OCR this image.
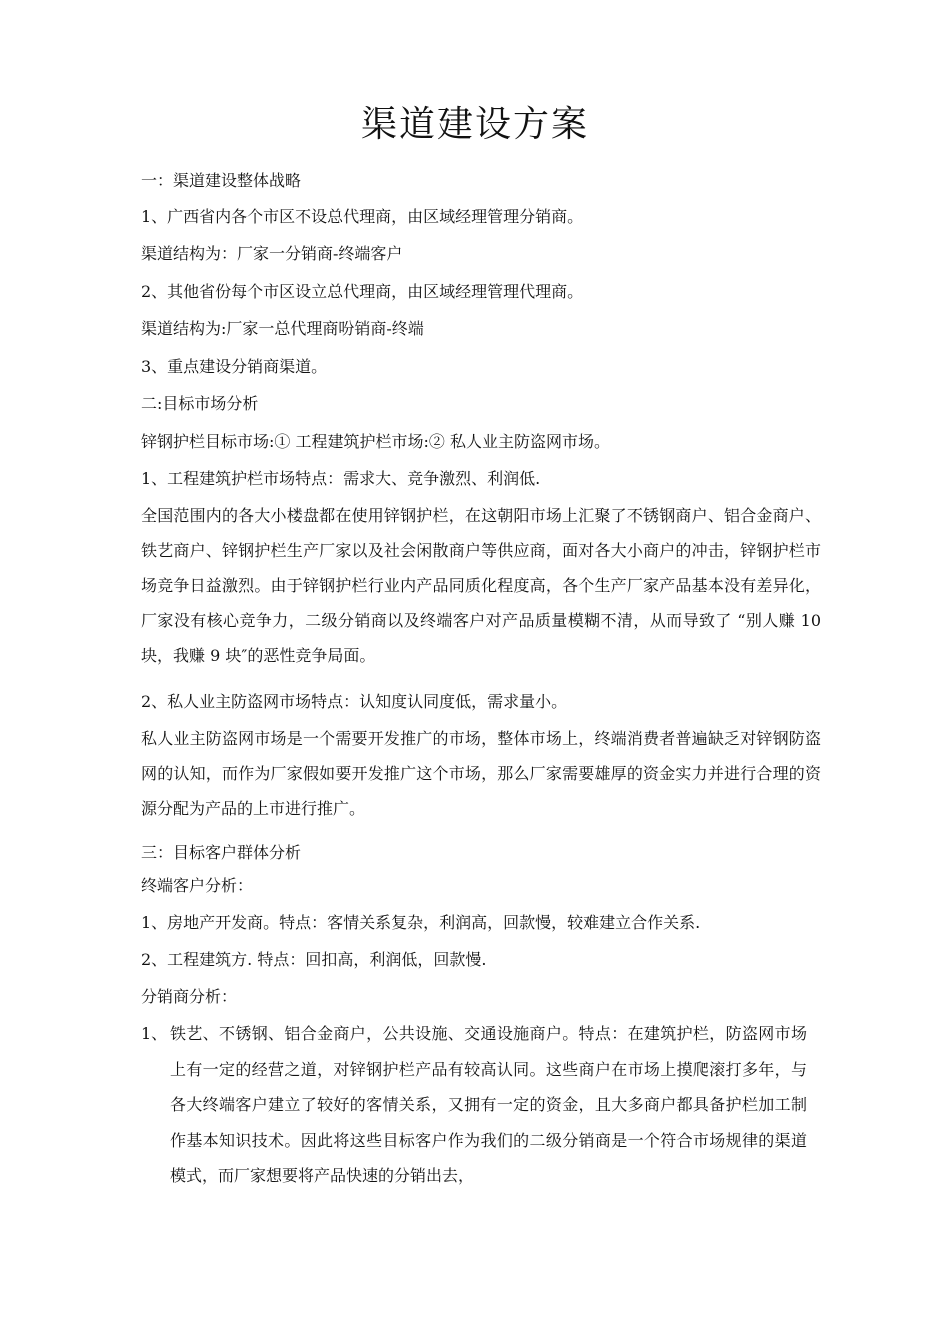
渠道建设方案

一：渠道建设整体战略

1、广西省内各个市区不设总代理商，由区域经理管理分销商。

渠道结构为：厂家一分销商-终端客户

2、其他省份每个市区设立总代理商，由区域经理管理代理商。

渠道结构为:厂家一总代理商吩销商-终端

3、重点建设分销商渠道。

二:目标市场分析

锌钢护栏目标市场:① 工程建筑护栏市场:② 私人业主防盗网市场。

1、工程建筑护栏市场特点：需求大、竞争激烈、利润低.

全国范围内的各大小楼盘都在使用锌钢护栏，在这朝阳市场上汇聚了不锈钢商户、铝合金商户、铁艺商户、锌钢护栏生产厂家以及社会闲散商户等供应商，面对各大小商户的冲击，锌钢护栏市场竞争日益激烈。由于锌钢护栏行业内产品同质化程度高，各个生产厂家产品基本没有差异化，厂家没有核心竞争力，二级分销商以及终端客户对产品质量模糊不清，从而导致了 “别人赚 10 块，我赚 9 块″的恶性竞争局面。

2、私人业主防盗网市场特点：认知度认同度低，需求量小。

私人业主防盗网市场是一个需要开发推广的市场，整体市场上，终端消费者普遍缺乏对锌钢防盗网的认知，而作为厂家假如要开发推广这个市场，那么厂家需要雄厚的资金实力并进行合理的资源分配为产品的上市进行推广。

三：目标客户群体分析

终端客户分析：

1、房地产开发商。特点：客情关系复杂，利润高，回款慢，较难建立合作关系.

2、工程建筑方. 特点：回扣高，利润低，回款慢.

分销商分析：

1、 铁艺、不锈钢、铝合金商户，公共设施、交通设施商户。特点：在建筑护栏，防盗网市场上有一定的经营之道，对锌钢护栏产品有较高认同。这些商户在市场上摸爬滚打多年，与各大终端客户建立了较好的客情关系，又拥有一定的资金，且大多商户都具备护栏加工制作基本知识技术。因此将这些目标客户作为我们的二级分销商是一个符合市场规律的渠道模式，而厂家想要将产品快速的分销出去，
